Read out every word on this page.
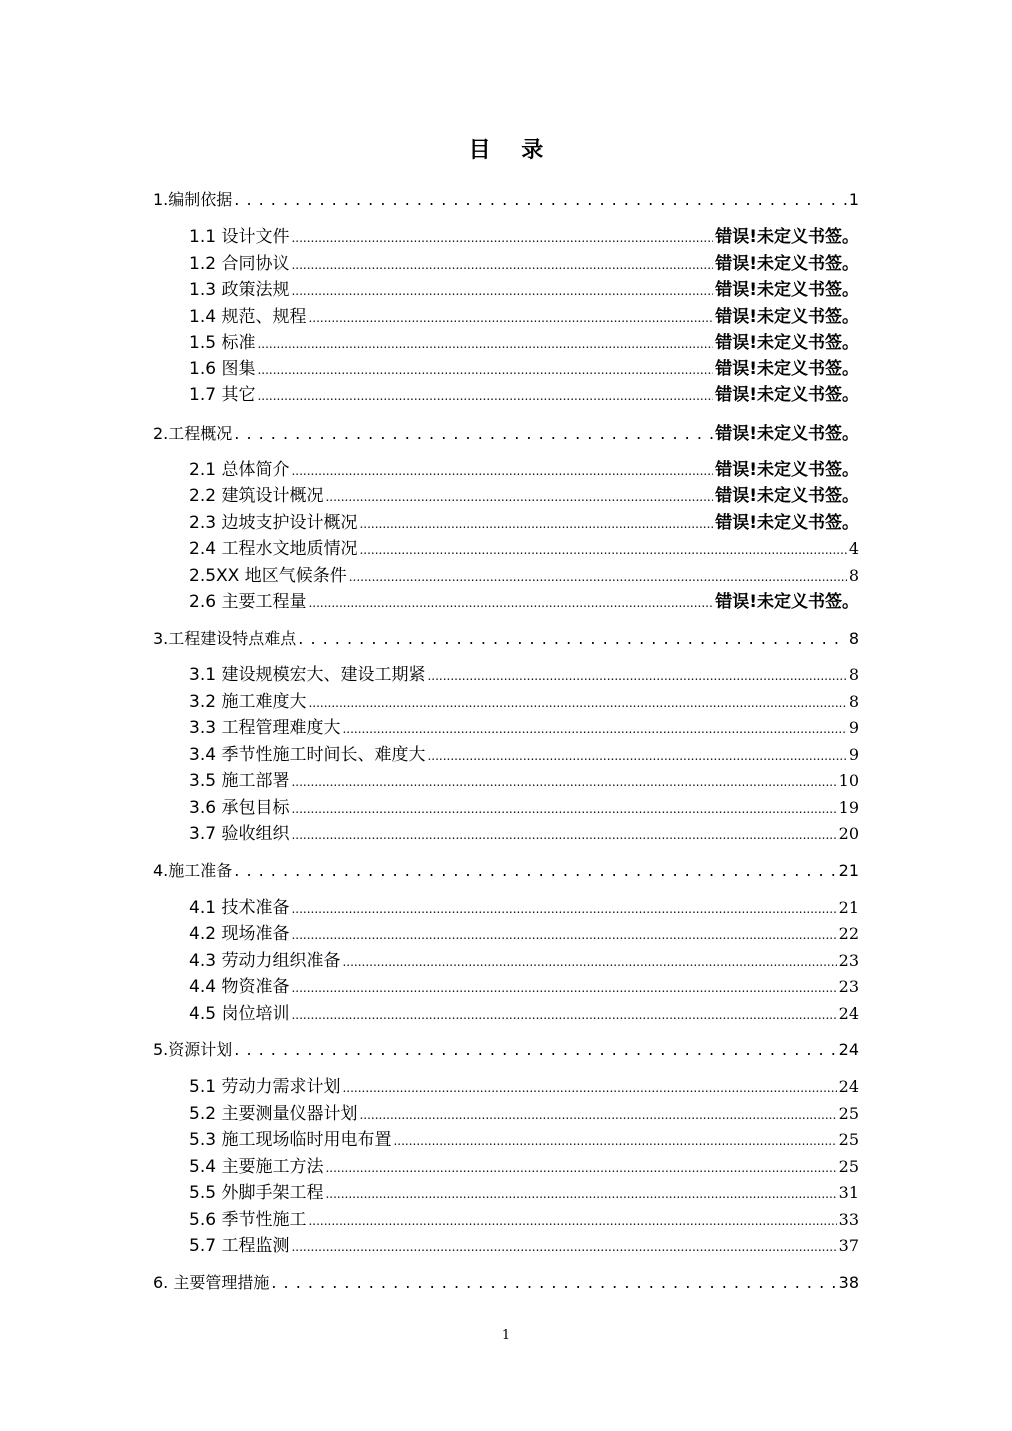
目    录
1.编制依据 . . .	1
1.1 设计文件 .....	错误!未定义书签。
1.2 合同协议 .....	错误!未定义书签。
1.3 政策法规 .....	错误!未定义书签。
1.4 规范、规程 .....	错误!未定义书签。
1.5 标准 .....	错误!未定义书签。
1.6 图集 .....	错误!未定义书签。
1.7 其它 .....	错误!未定义书签。
2.工程概况 . . .	错误!未定义书签。
2.1 总体简介 .....	错误!未定义书签。
2.2 建筑设计概况 .....	错误!未定义书签。
2.3 边坡支护设计概况 .....	错误!未定义书签。
2.4 工程水文地质情况 .....	4
2.5XX 地区气候条件 .....	8
2.6 主要工程量 .....	错误!未定义书签。
3.工程建设特点难点 . . .	8
3.1 建设规模宏大、建设工期紧 .....	8
3.2 施工难度大 .....	8
3.3 工程管理难度大 .....	9
3.4 季节性施工时间长、难度大 .....	9
3.5 施工部署 .....	10
3.6 承包目标 .....	19
3.7 验收组织 .....	20
4.施工准备 . . .	21
4.1 技术准备 .....	21
4.2 现场准备 .....	22
4.3 劳动力组织准备 .....	23
4.4 物资准备 .....	23
4.5 岗位培训 .....	24
5.资源计划 . . .	24
5.1 劳动力需求计划 .....	24
5.2 主要测量仪器计划 .....	25
5.3 施工现场临时用电布置 .....	25
5.4 主要施工方法 .....	25
5.5 外脚手架工程 .....	31
5.6 季节性施工 .....	33
5.7 工程监测 .....	37
6. 主要管理措施 . . .	38
1
